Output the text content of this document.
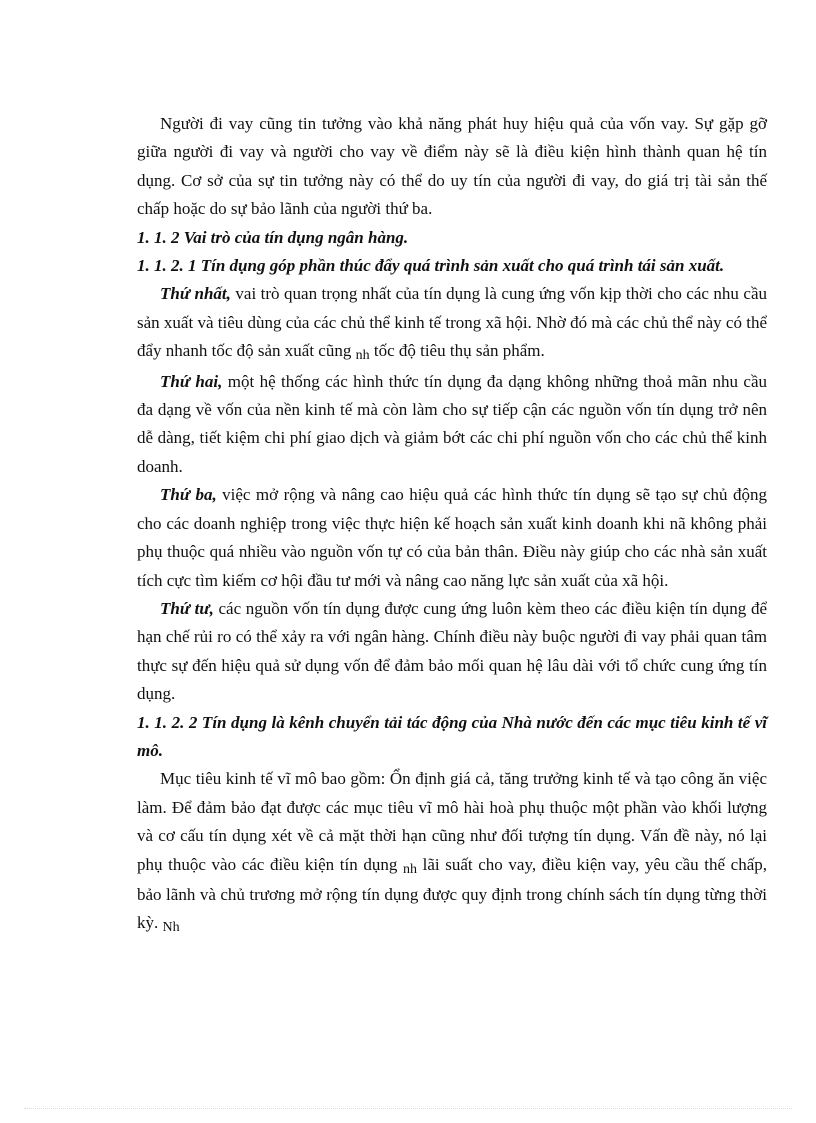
Người đi vay cũng tin tưởng vào khả năng phát huy hiệu quả của vốn vay. Sự gặp gỡ giữa người đi vay và người cho vay về điểm này sẽ là điều kiện hình thành quan hệ tín dụng. Cơ sở của sự tin tưởng này có thể do uy tín của người đi vay, do giá trị tài sản thế chấp hoặc do sự bảo lãnh của người thứ ba.

1. 1. 2 Vai trò của tín dụng ngân hàng.

1. 1. 2. 1 Tín dụng góp phần thúc đẩy quá trình sản xuất cho quá trình tái sản xuất.

Thứ nhất, vai trò quan trọng nhất của tín dụng là cung ứng vốn kịp thời cho các nhu cầu sản xuất và tiêu dùng của các chủ thể kinh tế trong xã hội. Nhờ đó mà các chủ thể này có thể đẩy nhanh tốc độ sản xuất cũng nh tốc độ tiêu thụ sản phẩm.

Thứ hai, một hệ thống các hình thức tín dụng đa dạng không những thoả mãn nhu cầu đa dạng về vốn của nền kinh tế mà còn làm cho sự tiếp cận các nguồn vốn tín dụng trở nên dễ dàng, tiết kiệm chi phí giao dịch và giảm bớt các chi phí nguồn vốn cho các chủ thể kinh doanh.

Thứ ba, việc mở rộng và nâng cao hiệu quả các hình thức tín dụng sẽ tạo sự chủ động cho các doanh nghiệp trong việc thực hiện kế hoạch sản xuất kinh doanh khi nã không phải phụ thuộc quá nhiều vào nguồn vốn tự có của bản thân. Điều này giúp cho các nhà sản xuất tích cực tìm kiếm cơ hội đầu tư mới và nâng cao năng lực sản xuất của xã hội.

Thứ tư, các nguồn vốn tín dụng được cung ứng luôn kèm theo các điều kiện tín dụng để hạn chế rủi ro có thể xảy ra với ngân hàng. Chính điều này buộc người đi vay phải quan tâm thực sự đến hiệu quả sử dụng vốn để đảm bảo mối quan hệ lâu dài với tổ chức cung ứng tín dụng.

1. 1. 2. 2 Tín dụng là kênh chuyển tải tác động của Nhà nước đến các mục tiêu kinh tế vĩ mô.

Mục tiêu kinh tế vĩ mô bao gồm: Ổn định giá cả, tăng trưởng kinh tế và tạo công ăn việc làm. Để đảm bảo đạt được các mục tiêu vĩ mô hài hoà phụ thuộc một phần vào khối lượng và cơ cấu tín dụng xét về cả mặt thời hạn cũng như đối tượng tín dụng. Vấn đề này, nó lại phụ thuộc vào các điều kiện tín dụng nh lãi suất cho vay, điều kiện vay, yêu cầu thế chấp, bảo lãnh và chủ trương mở rộng tín dụng được quy định trong chính sách tín dụng từng thời kỳ. Nh
